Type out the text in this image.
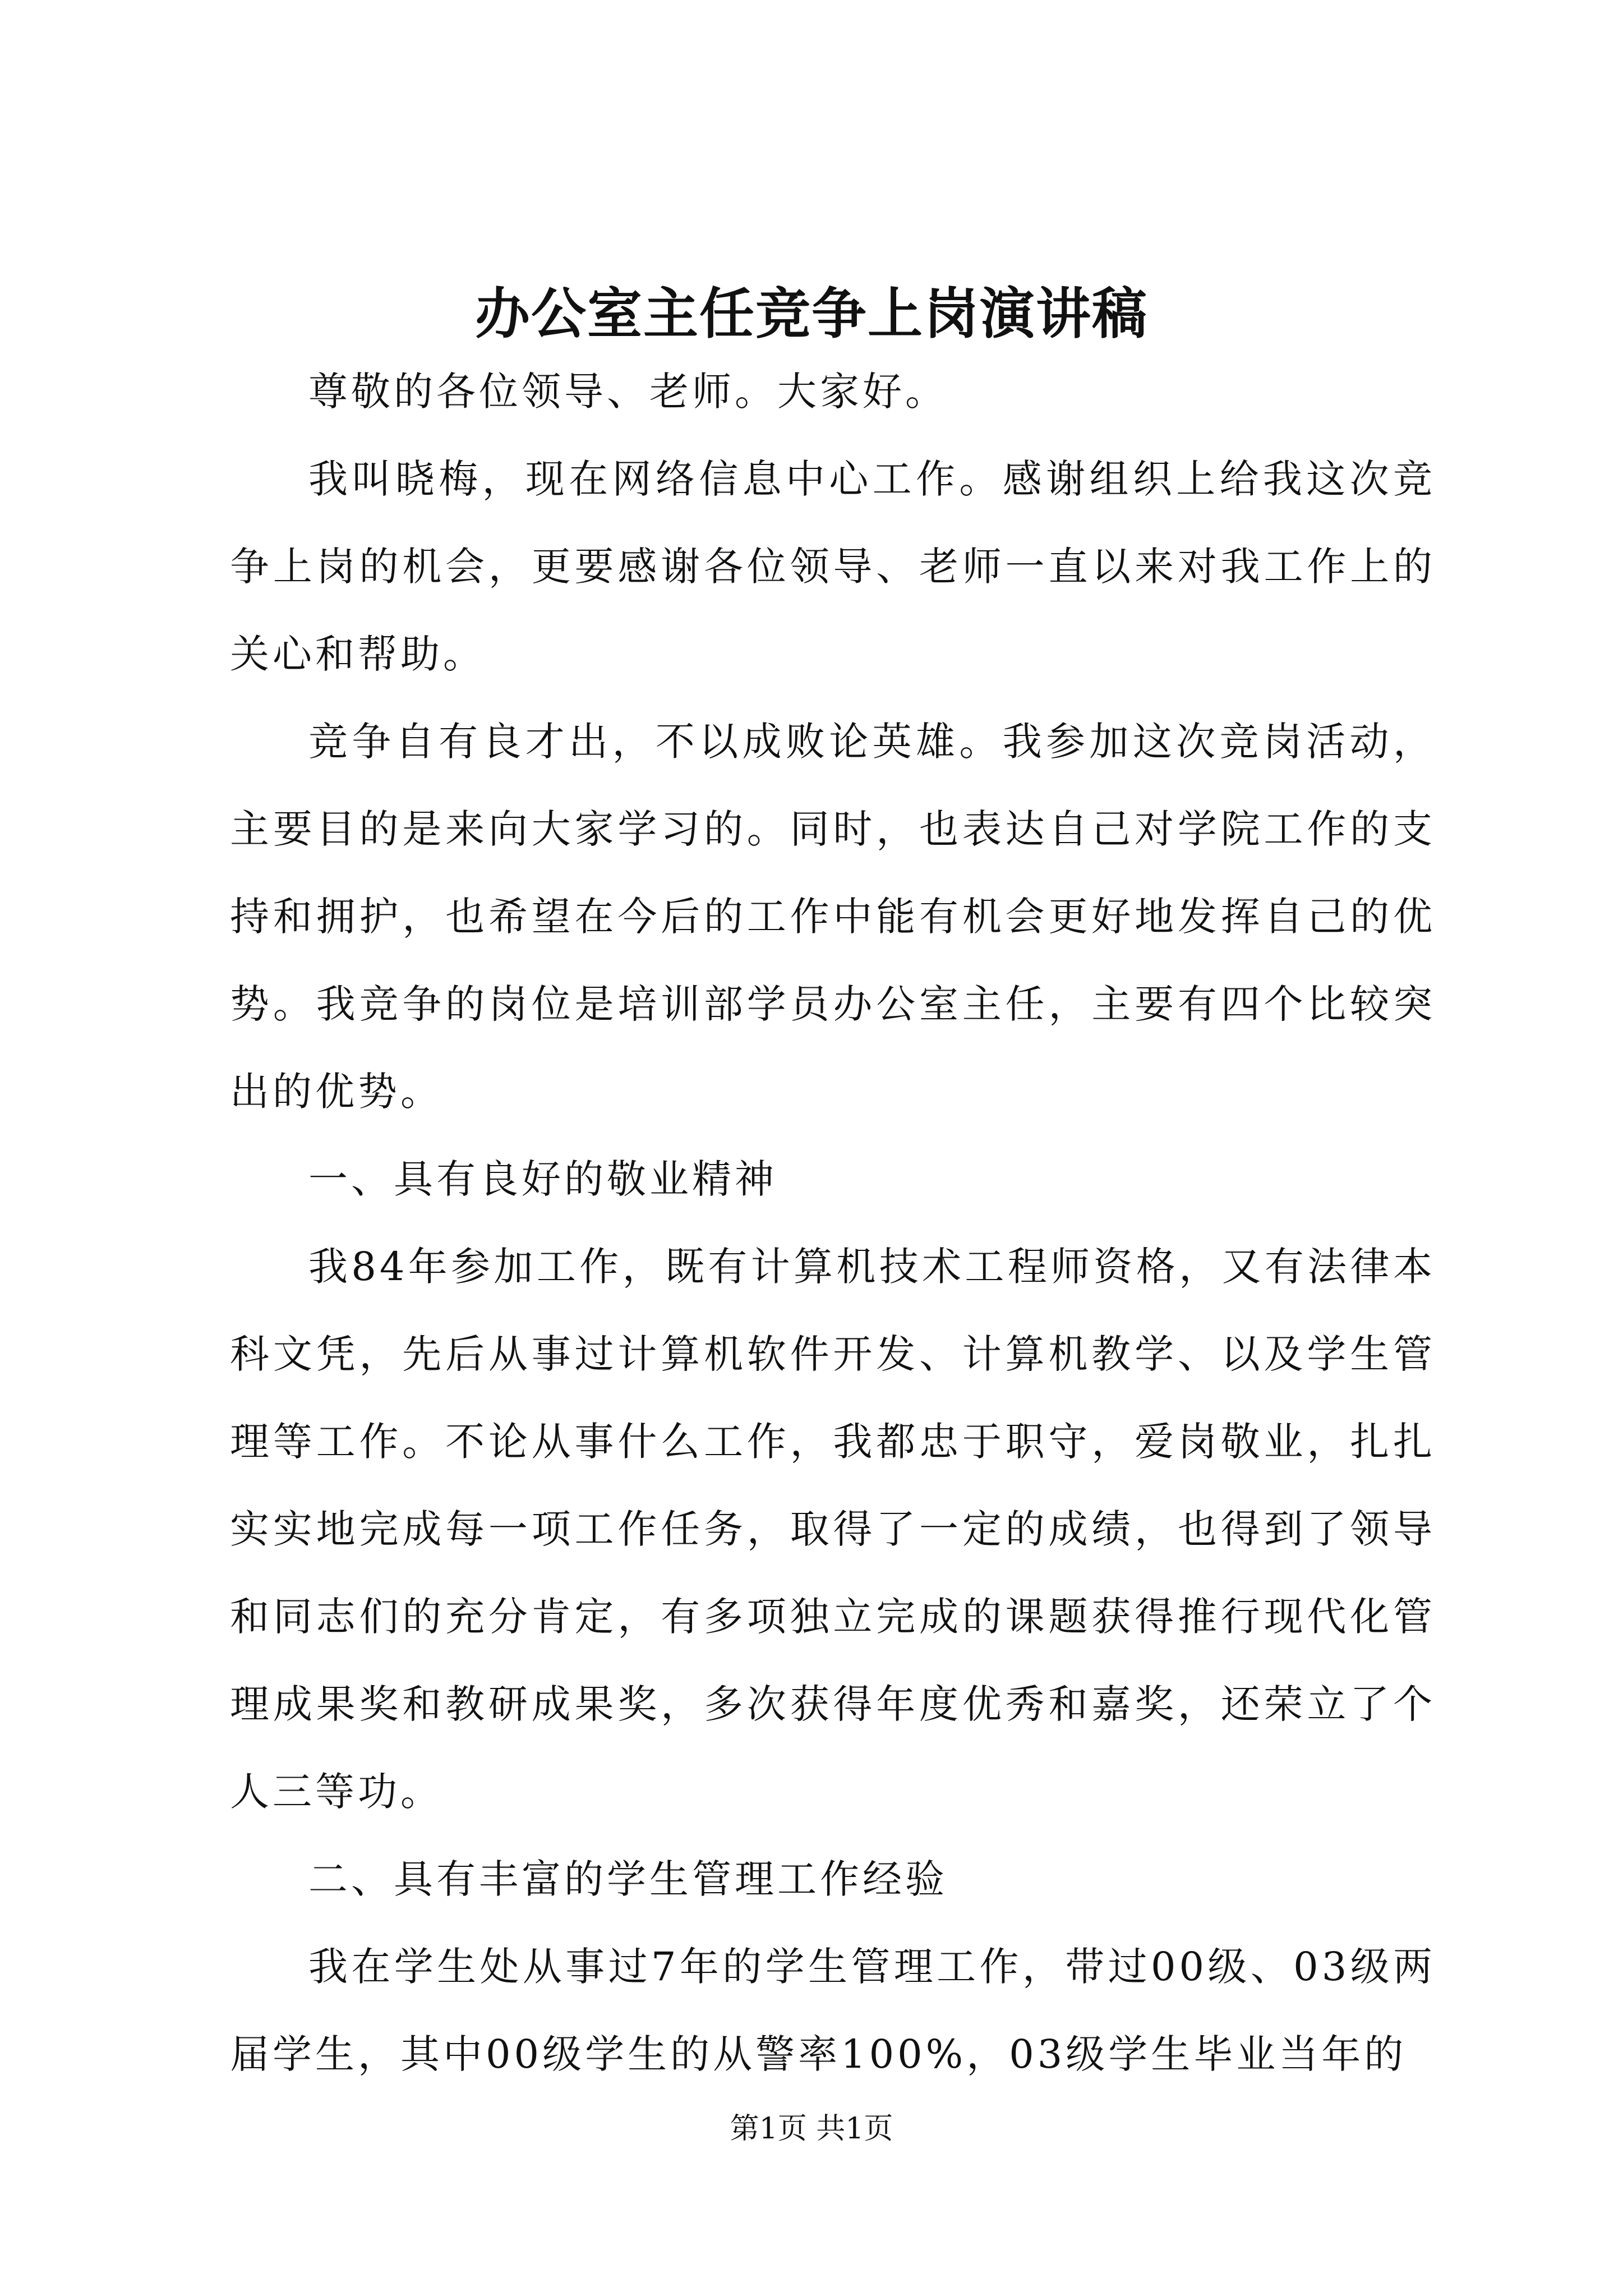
办公室主任竞争上岗演讲稿

尊敬的各位领导、老师。大家好。

我叫晓梅，现在网络信息中心工作。感谢组织上给我这次竞争上岗的机会，更要感谢各位领导、老师一直以来对我工作上的关心和帮助。

竞争自有良才出，不以成败论英雄。我参加这次竞岗活动，主要目的是来向大家学习的。同时，也表达自己对学院工作的支持和拥护，也希望在今后的工作中能有机会更好地发挥自己的优势。我竞争的岗位是培训部学员办公室主任，主要有四个比较突出的优势。

一、具有良好的敬业精神

我84年参加工作，既有计算机技术工程师资格，又有法律本科文凭，先后从事过计算机软件开发、计算机教学、以及学生管理等工作。不论从事什么工作，我都忠于职守，爱岗敬业，扎扎实实地完成每一项工作任务，取得了一定的成绩，也得到了领导和同志们的充分肯定，有多项独立完成的课题获得推行现代化管理成果奖和教研成果奖，多次获得年度优秀和嘉奖，还荣立了个人三等功。

二、具有丰富的学生管理工作经验

我在学生处从事过7年的学生管理工作，带过00级、03级两届学生，其中00级学生的从警率100%，03级学生毕业当年的

第1页 共1页
